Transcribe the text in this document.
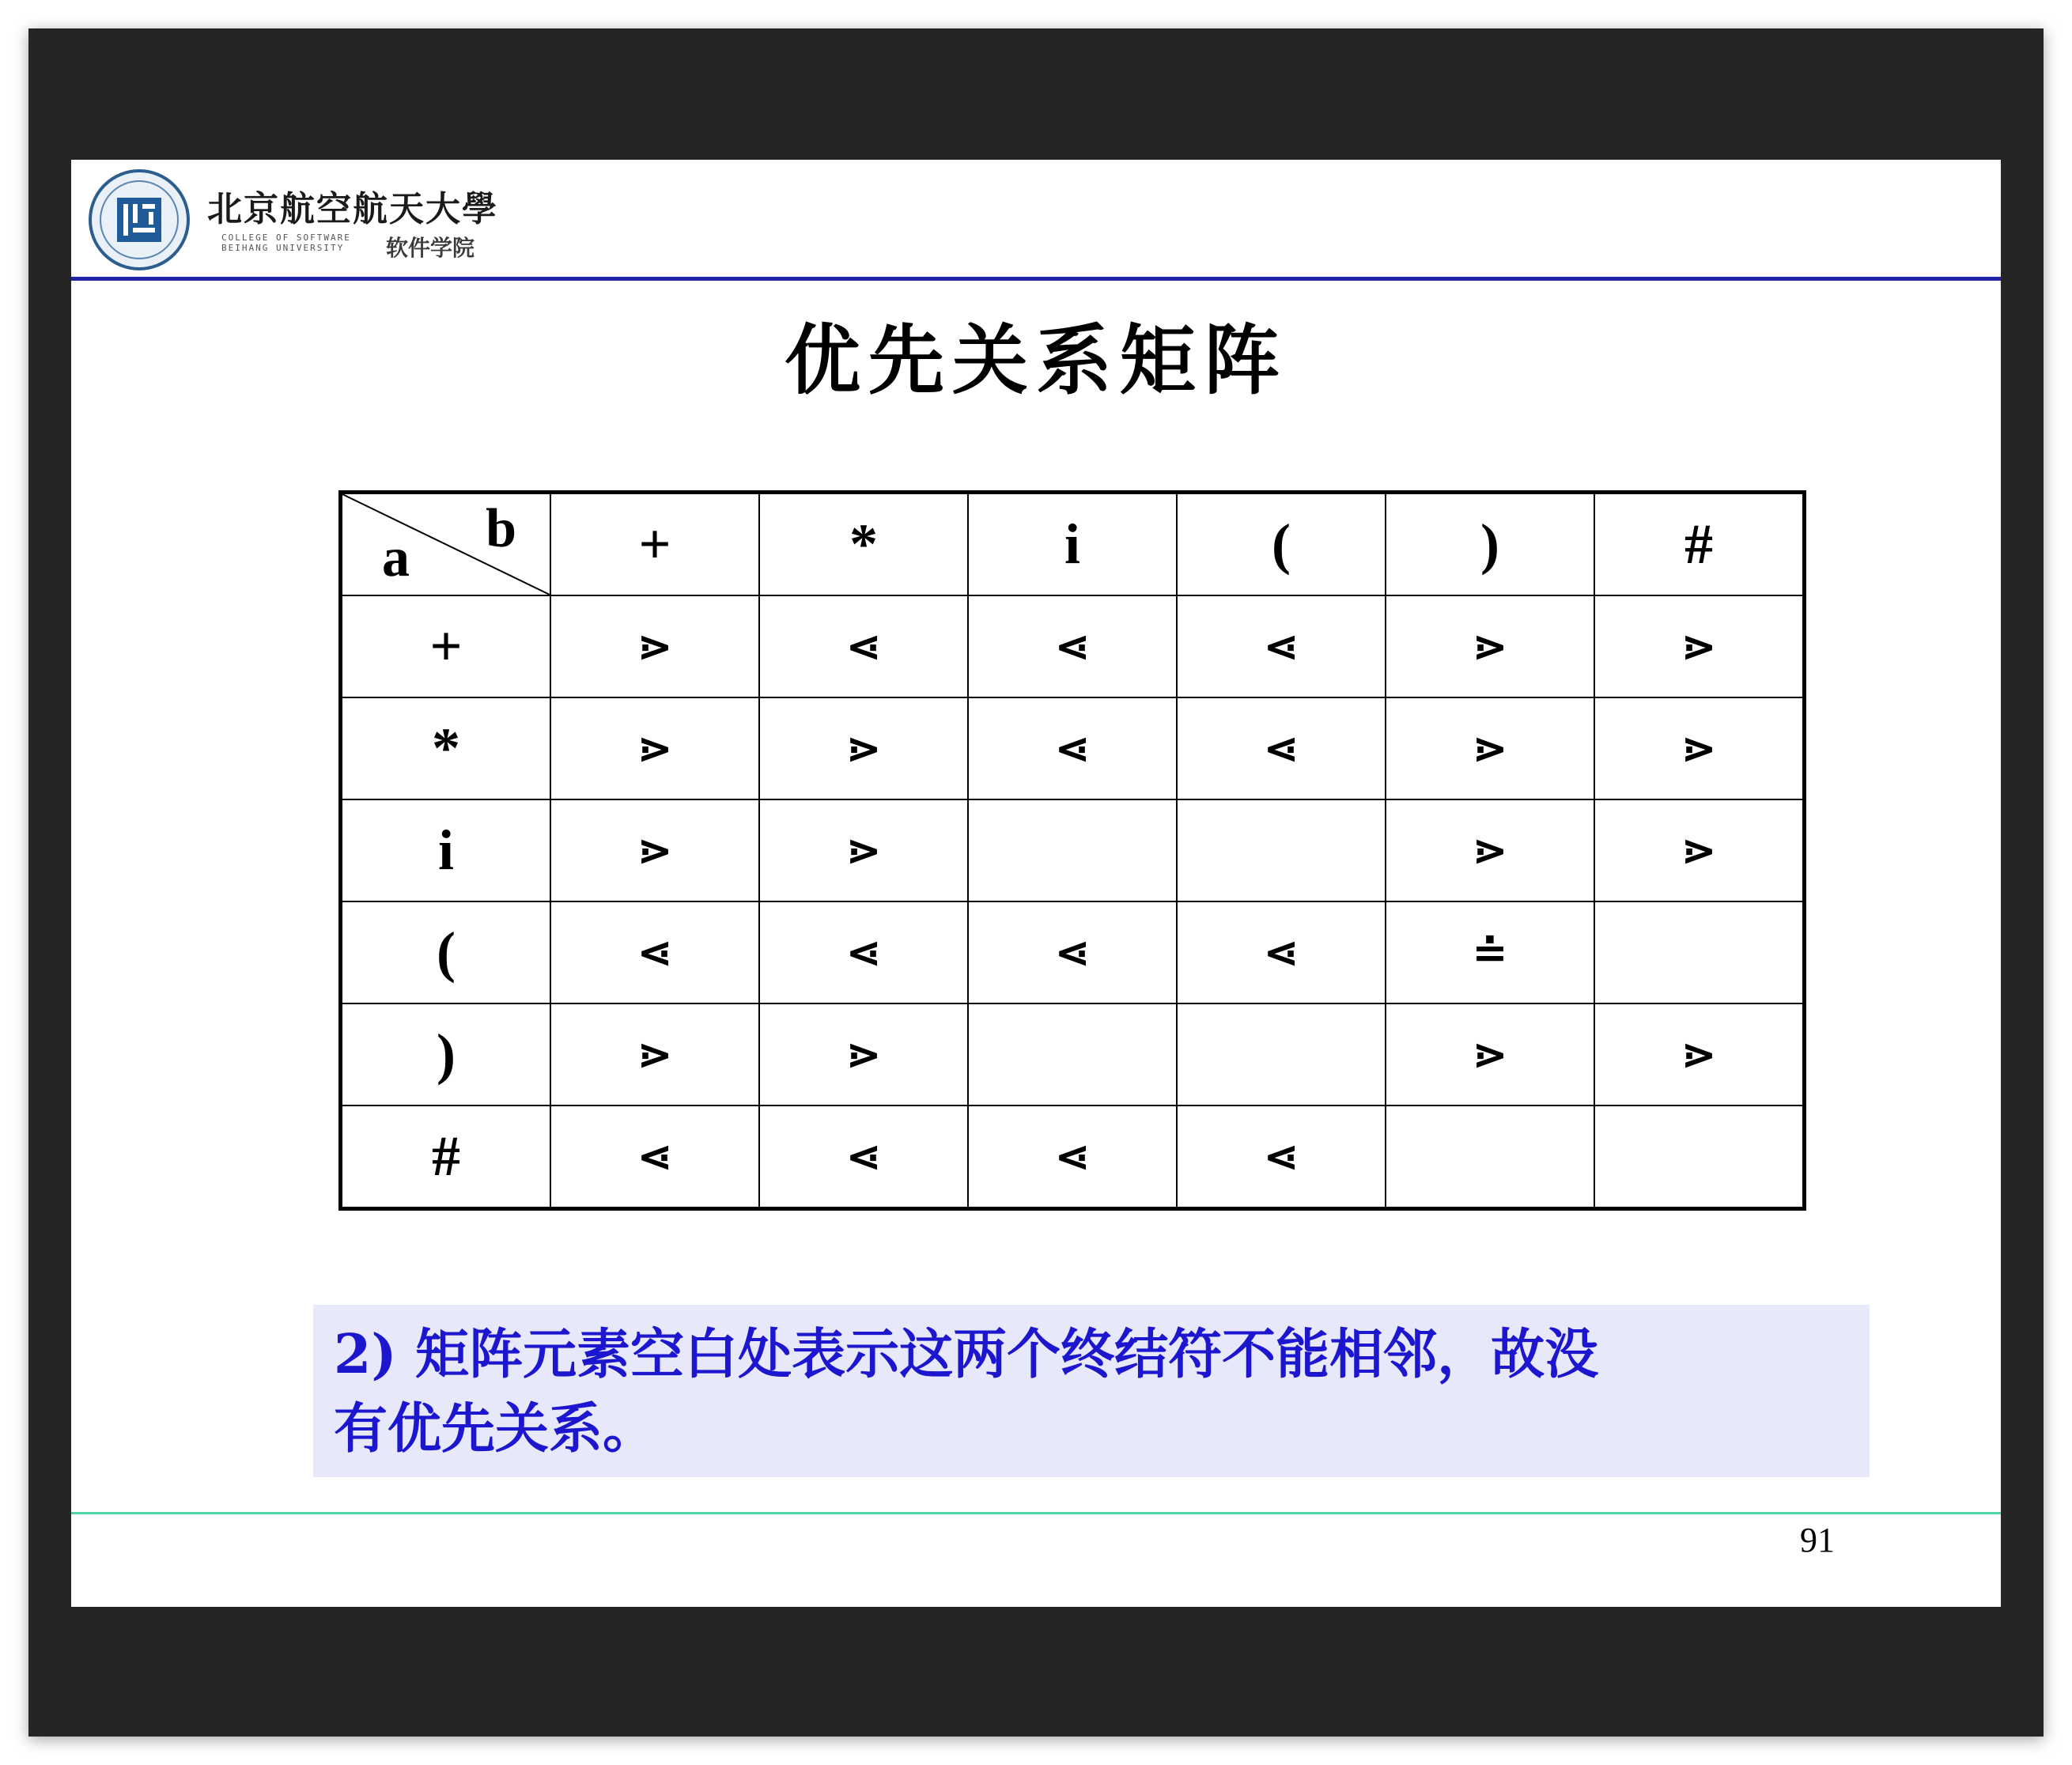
北京航空航天大學
COLLEGE OF SOFTWARE
BEIHANG UNIVERSITY	软件学院
优先关系矩阵
a b	+	*	i	(	)	#
+	⋗	⋖	⋖	⋖	⋗	⋗
*	⋗	⋗	⋖	⋖	⋗	⋗
i	⋗	⋗			⋗	⋗
(	⋖	⋖	⋖	⋖	≐	
)	⋗	⋗			⋗	⋗
#	⋖	⋖	⋖	⋖		
2) 矩阵元素空白处表示这两个终结符不能相邻，故没
有优先关系。
91
